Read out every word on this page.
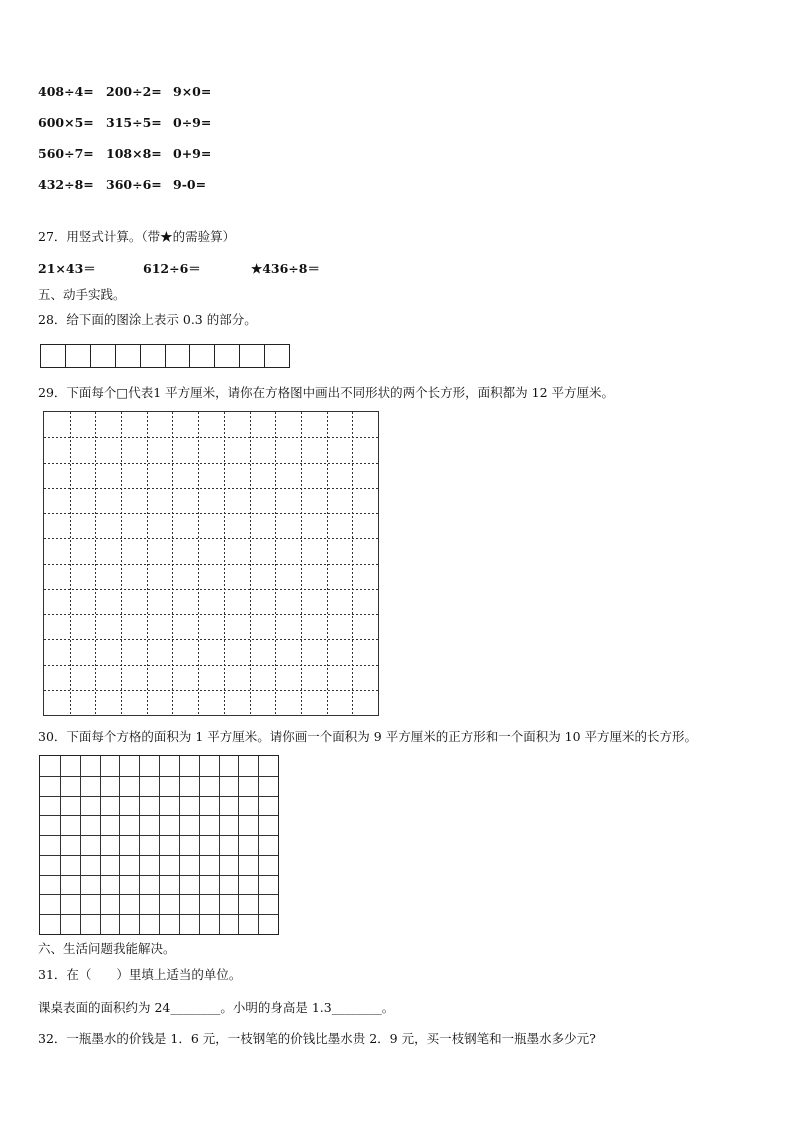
408÷4= 200÷2= 9×0=
600×5= 315÷5= 0÷9=
560÷7= 108×8= 0+9=
432÷8= 360÷6= 9-0=
27．用竖式计算。（带★的需验算）
21×43＝	612÷6＝	★436÷8＝
五、动手实践。
28．给下面的图涂上表示 0.3 的部分。
29．下面每个□代表1 平方厘米，请你在方格图中画出不同形状的两个长方形，面积都为 12 平方厘米。
30．下面每个方格的面积为 1 平方厘米。请你画一个面积为 9 平方厘米的正方形和一个面积为 10 平方厘米的长方形。
六、生活问题我能解决。
31．在（　　）里填上适当的单位。
课桌表面的面积约为 24________。小明的身高是 1.3________。
32．一瓶墨水的价钱是 1．6 元，一枝钢笔的价钱比墨水贵 2．9 元，买一枝钢笔和一瓶墨水多少元?
